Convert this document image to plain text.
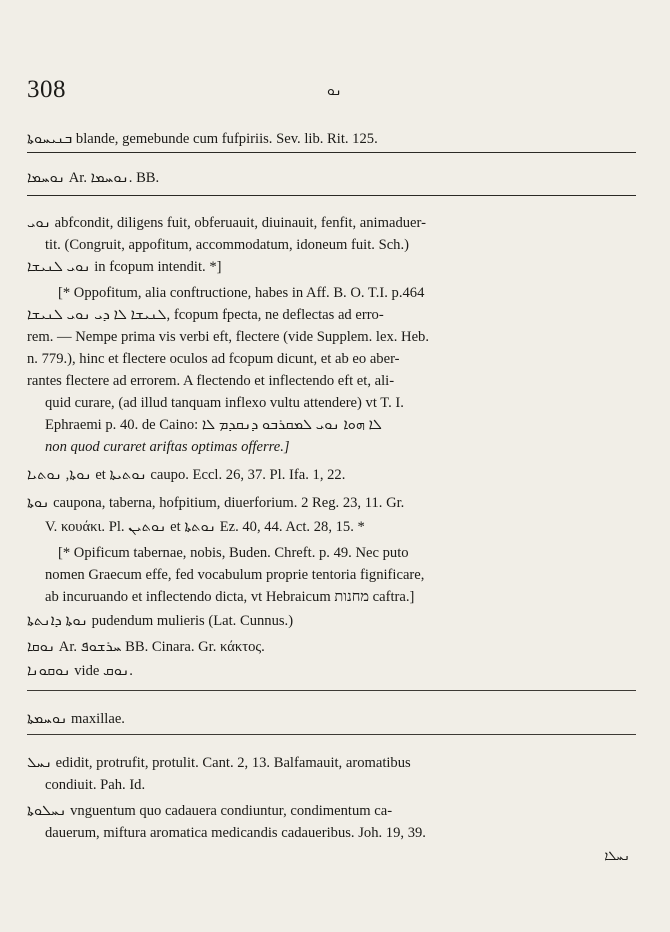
308	ܢܘ
ܒܢܝܚܘܬܐ blande, gemebunde cum fufpiriis. Sev. lib. Rit. 125.
ܢܘܚܡܐ Ar. ܢܘܚܡܐ. BB.
ܢܘܝ abfcondit, diligens fuit, obferuauit, diuinauit, fenfit, animaduer-
tit. (Congruit, appofitum, accommodatum, idoneum fuit. Sch.)
ܢܘܝ ܠܢܝܫܐ in fcopum intendit. *]
[* Oppofitum, alia conftructione, habes in Aff. B. O. T.I. p.464
ܠܢܝܫܐ ܠܐ ܕܝ ܢܘܝ ܠܢܝܫܐ, fcopum fpecta, ne deflectas ad erro-
rem. — Nempe prima vis verbi eft, flectere (vide Supplem. lex. Heb.
n. 779.), hinc et flectere oculos ad fcopum dicunt, et ab eo aber-
rantes flectere ad errorem. A flectendo et inflectendo eft et, ali-
quid curare, (ad illud tanquam inflexo vultu attendere) vt T. I.
Ephraemi p. 40. de Caino: ܠܐ ܗܘܐ ܢܘܝ ܠܡܩܪܒܘ ܕܢܩܕܡ ܠܐ
non quod curaret ariftas optimas offerre.]
ܢܘܬܐ, ܢܘܬܝܐ et ܢܘܬܝܬܐ caupo. Eccl. 26, 37. Pl. Ifa. 1, 22.
ܢܘܬܐ caupona, taberna, hofpitium, diuerforium. 2 Reg. 23, 11. Gr.
V. κουάκι. Pl. ܢܘܬܝܢ et ܢܘܬܬܐ Ez. 40, 44. Act. 28, 15. *
[* Opificum tabernae, nobis, Buden. Chreft. p. 49. Nec puto
nomen Graecum effe, fed vocabulum proprie tentoria fignificare,
ab incuruando et inflectendo dicta, vt Hebraicum מחנות caftra.]
ܢܘܬܐ ܕܐܢܬܬܐ pudendum mulieris (Lat. Cunnus.)
ܢܘܩܐ Ar. ܚܪܫܘܦ BB. Cinara. Gr. κάκτος.
ܢܘܩܘܢܐ vide ܢܘܩ.
ܢܘܚܡܬܐ maxillae.
ܢܚܠ edidit, protrufit, protulit. Cant. 2, 13. Balfamauit, aromatibus
condiuit. Pah. Id.
ܢܚܠܘܬܐ vnguentum quo cadauera condiuntur, condimentum ca-
dauerum, miftura aromatica medicandis cadaueribus. Joh. 19, 39.
ܢܚܠܐ
